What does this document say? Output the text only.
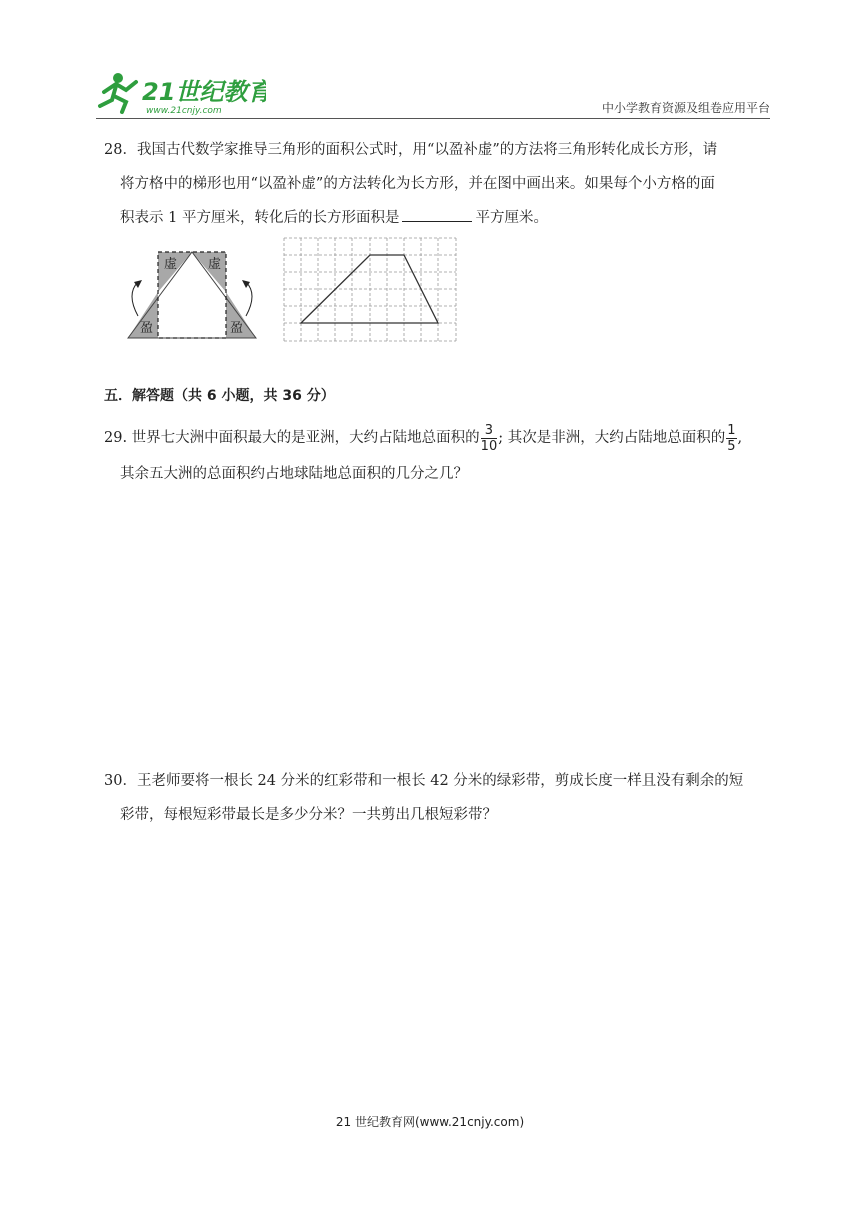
21世纪教育
www.21cnjy.com	中小学教育资源及组卷应用平台
28．我国古代数学家推导三角形的面积公式时，用“以盈补虚”的方法将三角形转化成长方形，请
将方格中的梯形也用“以盈补虚”的方法转化为长方形，并在图中画出来。如果每个小方格的面
积表示 1 平方厘米，转化后的长方形面积是	平方厘米。
虚 虚
盈	盈
五．解答题（共 6 小题，共 36 分）
29. 世界七大洲中面积最大的是亚洲，大约占陆地总面积的 $\frac{3}{10}$ ; 其次是非洲，大约占陆地总面积的 $\frac{1}{5}$ ,
其余五大洲的总面积约占地球陆地总面积的几分之几？
30．王老师要将一根长 24 分米的红彩带和一根长 42 分米的绿彩带，剪成长度一样且没有剩余的短
彩带，每根短彩带最长是多少分米？一共剪出几根短彩带？
21 世纪教育网(www.21cnjy.com)
